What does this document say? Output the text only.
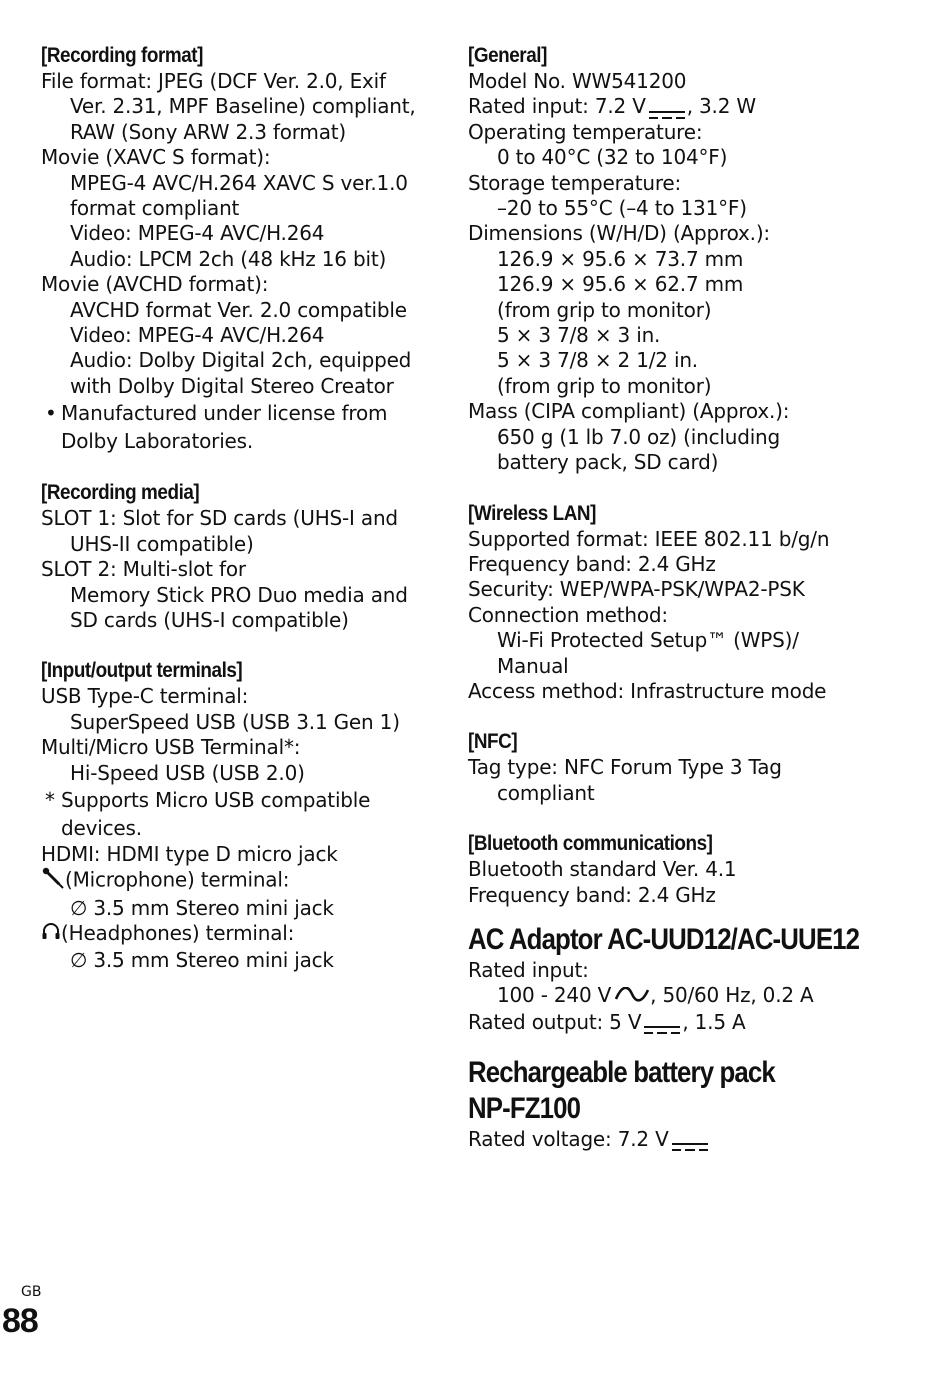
[Recording format]
File format: JPEG (DCF Ver. 2.0, Exif
Ver. 2.31, MPF Baseline) compliant,
RAW (Sony ARW 2.3 format)
Movie (XAVC S format):
MPEG-4 AVC/H.264 XAVC S ver.1.0
format compliant
Video: MPEG-4 AVC/H.264
Audio: LPCM 2ch (48 kHz 16 bit)
Movie (AVCHD format):
AVCHD format Ver. 2.0 compatible
Video: MPEG-4 AVC/H.264
Audio: Dolby Digital 2ch, equipped
with Dolby Digital Stereo Creator
• Manufactured under license from
Dolby Laboratories.
[Recording media]
SLOT 1: Slot for SD cards (UHS-I and
UHS-II compatible)
SLOT 2: Multi-slot for
Memory Stick PRO Duo media and
SD cards (UHS-I compatible)
[Input/output terminals]
USB Type-C terminal:
SuperSpeed USB (USB 3.1 Gen 1)
Multi/Micro USB Terminal*:
Hi-Speed USB (USB 2.0)
* Supports Micro USB compatible
devices.
HDMI: HDMI type D micro jack
(Microphone) terminal:
∅ 3.5 mm Stereo mini jack
(Headphones) terminal:
∅ 3.5 mm Stereo mini jack
[General]
Model No. WW541200
Rated input: 7.2 V , 3.2 W
Operating temperature:
0 to 40°C (32 to 104°F)
Storage temperature:
–20 to 55°C (–4 to 131°F)
Dimensions (W/H/D) (Approx.):
126.9 × 95.6 × 73.7 mm
126.9 × 95.6 × 62.7 mm
(from grip to monitor)
5 × 3 7/8 × 3 in.
5 × 3 7/8 × 2 1/2 in.
(from grip to monitor)
Mass (CIPA compliant) (Approx.):
650 g (1 lb 7.0 oz) (including
battery pack, SD card)
[Wireless LAN]
Supported format: IEEE 802.11 b/g/n
Frequency band: 2.4 GHz
Security: WEP/WPA-PSK/WPA2-PSK
Connection method:
Wi-Fi Protected Setup™ (WPS)/
Manual
Access method: Infrastructure mode
[NFC]
Tag type: NFC Forum Type 3 Tag
compliant
[Bluetooth communications]
Bluetooth standard Ver. 4.1
Frequency band: 2.4 GHz
AC Adaptor AC-UUD12/AC-UUE12
Rated input:
100 - 240 V , 50/60 Hz, 0.2 A
Rated output: 5 V , 1.5 A
Rechargeable battery pack
NP-FZ100
Rated voltage: 7.2 V
GB
88
